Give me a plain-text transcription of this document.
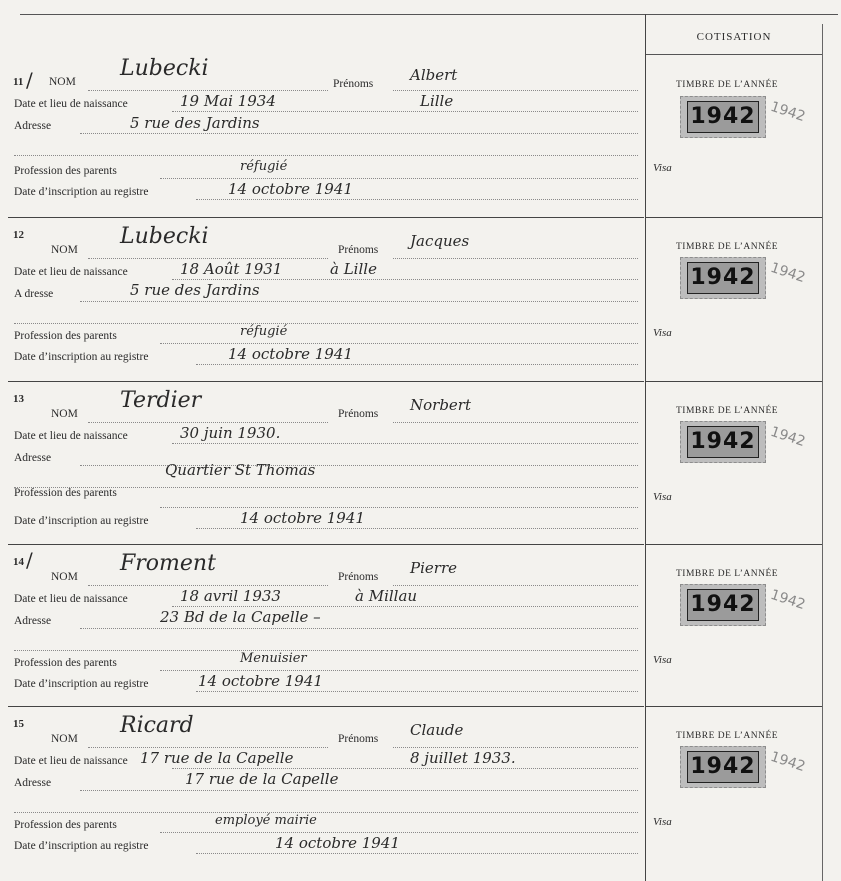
COTISATION
11 / NOM
Lubecki
Prénoms Albert
Date et lieu de naissance	19 Mai 1934	Lille
Adresse	5 rue des Jardins
Profession des parents	réfugié
Date d’inscription au registre	14 octobre 1941
TIMBRE DE L’ANNÉE
1942 1942
Visa
12
NOM
Lubecki
Prénoms Jacques
Date et lieu de naissance	18 Août 1931	à Lille
A dresse	5 rue des Jardins
Profession des parents	réfugié
Date d’inscription au registre	14 octobre 1941
TIMBRE DE L’ANNÉE
1942 1942
Visa
13
NOM
Terdier
Prénoms Norbert
Date et lieu de naissance	30 juin 1930.
Adresse
Quartier St Thomas
Profession des parents
Date d’inscription au registre	14 octobre 1941
TIMBRE DE L’ANNÉE
1942 1942
Visa
14 /
NOM
Froment
Prénoms Pierre
Date et lieu de naissance	18 avril 1933	à Millau
Adresse	23 Bd de la Capelle –
Profession des parents	Menuisier
Date d’inscription au registre	14 octobre 1941
TIMBRE DE L’ANNÉE
1942 1942
Visa
15
NOM
Ricard
Prénoms Claude
Date et lieu de naissance 17 rue de la Capelle	8 juillet 1933.
Adresse	17 rue de la Capelle
Profession des parents	employé mairie
Date d’inscription au registre	14 octobre 1941
TIMBRE DE L’ANNÉE
1942 1942
Visa
